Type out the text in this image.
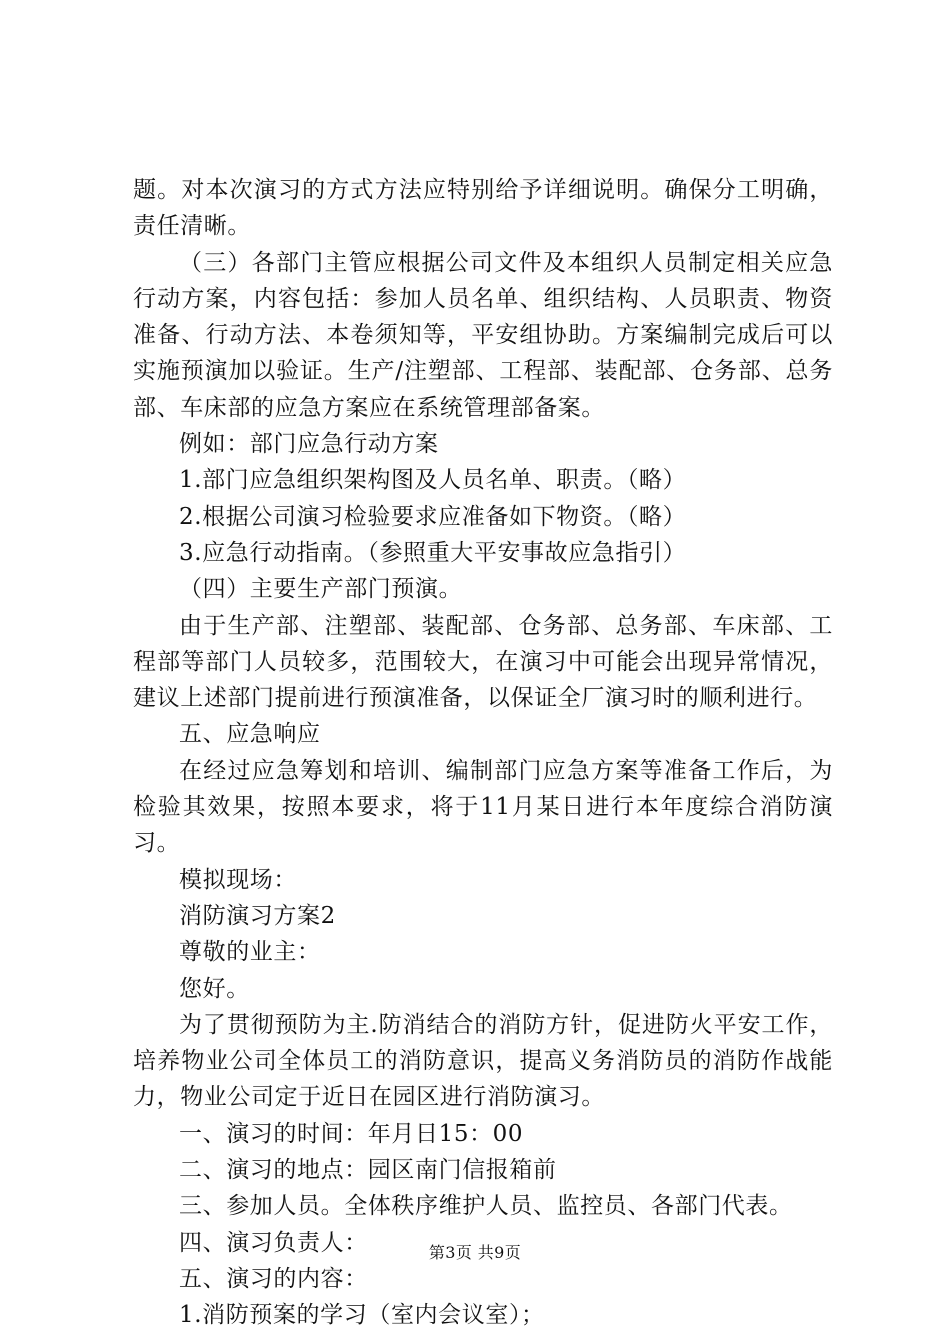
题。对本次演习的方式方法应特别给予详细说明。确保分工明确，责任清晰。

（三）各部门主管应根据公司文件及本组织人员制定相关应急行动方案，内容包括：参加人员名单、组织结构、人员职责、物资准备、行动方法、本卷须知等，平安组协助。方案编制完成后可以实施预演加以验证。生产/注塑部、工程部、装配部、仓务部、总务部、车床部的应急方案应在系统管理部备案。

例如：部门应急行动方案

1.部门应急组织架构图及人员名单、职责。（略）

2.根据公司演习检验要求应准备如下物资。（略）

3.应急行动指南。（参照重大平安事故应急指引）

（四）主要生产部门预演。

由于生产部、注塑部、装配部、仓务部、总务部、车床部、工程部等部门人员较多，范围较大，在演习中可能会出现异常情况，建议上述部门提前进行预演准备，以保证全厂演习时的顺利进行。

五、应急响应

在经过应急筹划和培训、编制部门应急方案等准备工作后，为检验其效果，按照本要求，将于11月某日进行本年度综合消防演习。

模拟现场：

消防演习方案2

尊敬的业主：

您好。

为了贯彻预防为主.防消结合的消防方针，促进防火平安工作，培养物业公司全体员工的消防意识，提高义务消防员的消防作战能力，物业公司定于近日在园区进行消防演习。

一、演习的时间：年月日15：00

二、演习的地点：园区南门信报箱前

三、参加人员。全体秩序维护人员、监控员、各部门代表。

四、演习负责人：

五、演习的内容：

1.消防预案的学习（室内会议室）；

第3页 共9页
